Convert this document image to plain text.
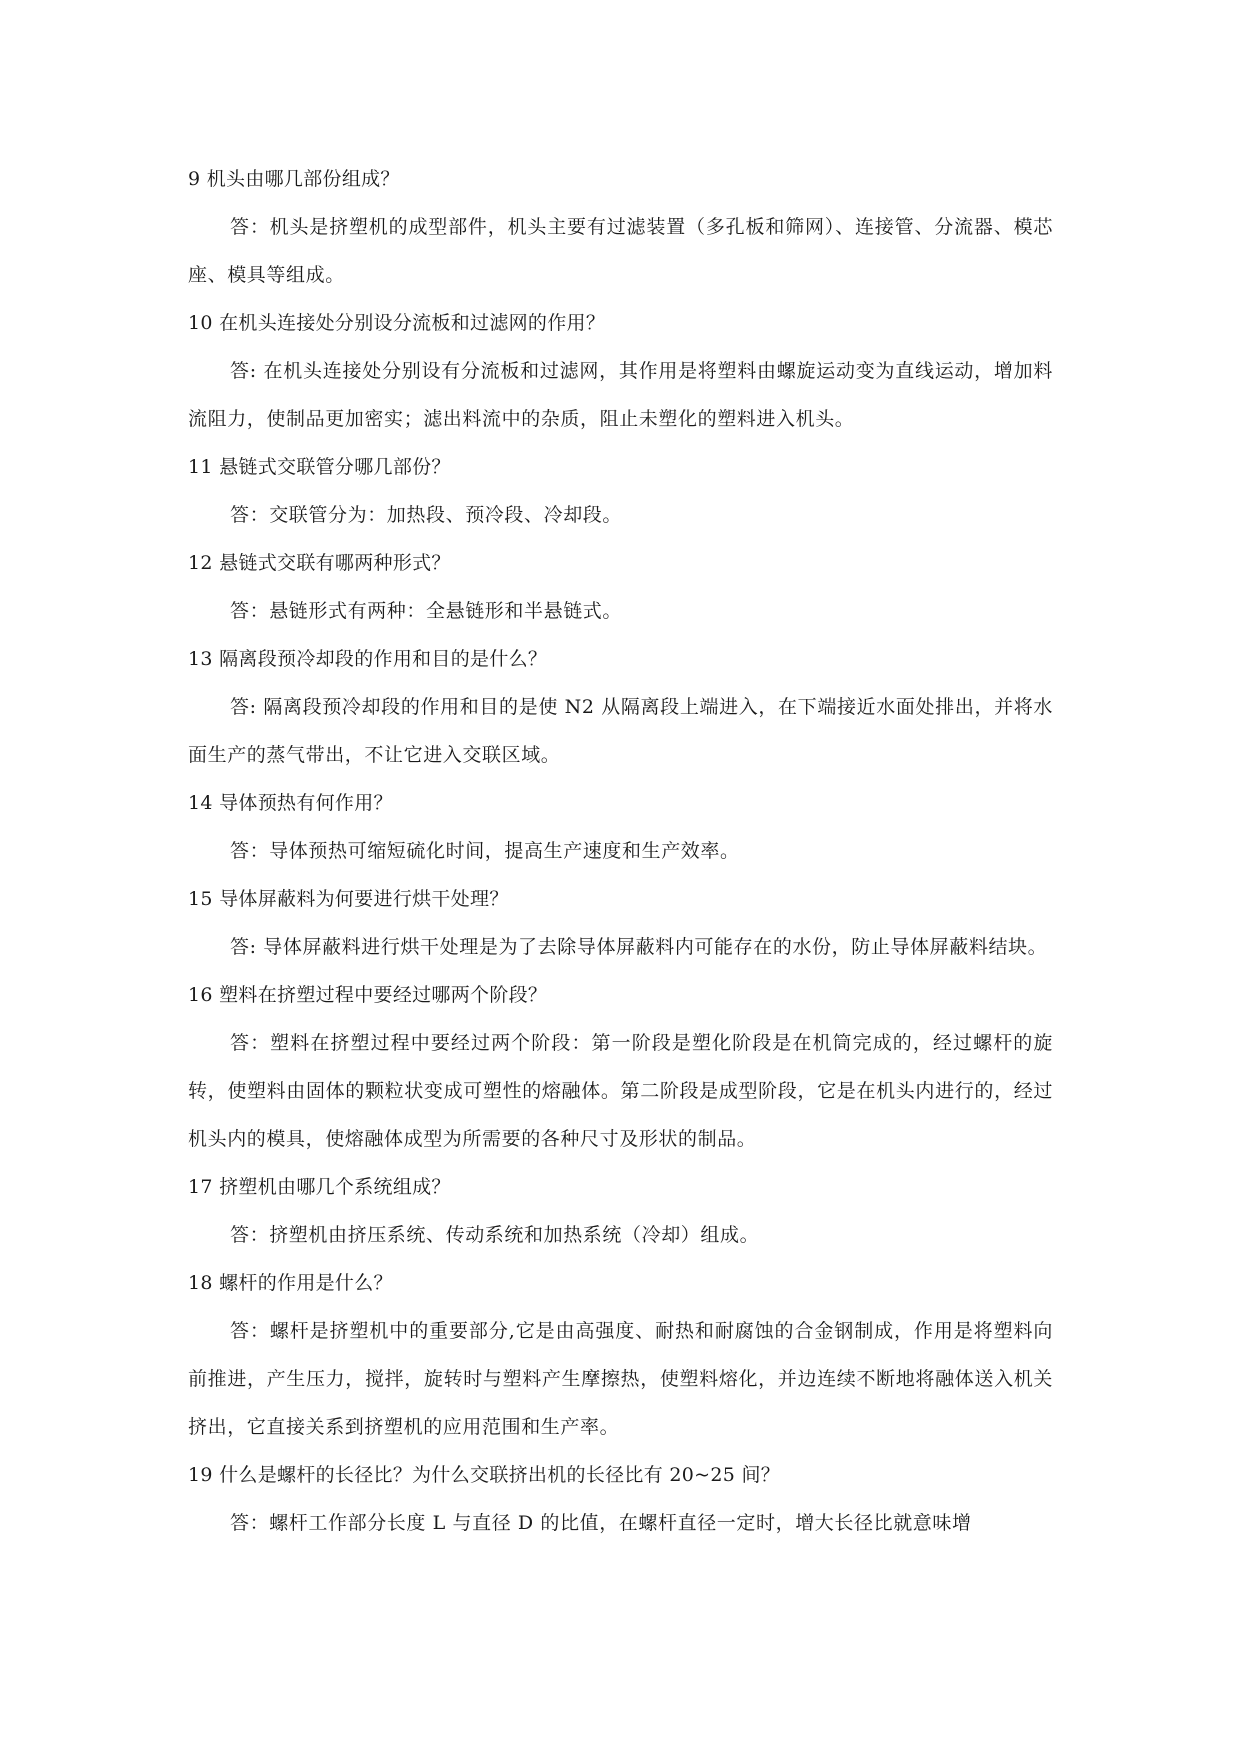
9 机头由哪几部份组成？

答：机头是挤塑机的成型部件，机头主要有过滤装置（多孔板和筛网）、连接管、分流器、模芯座、模具等组成。

10 在机头连接处分别设分流板和过滤网的作用？

答: 在机头连接处分别设有分流板和过滤网，其作用是将塑料由螺旋运动变为直线运动，增加料流阻力，使制品更加密实；滤出料流中的杂质，阻止未塑化的塑料进入机头。

11 悬链式交联管分哪几部份？

答：交联管分为：加热段、预冷段、冷却段。

12 悬链式交联有哪两种形式？

答：悬链形式有两种：全悬链形和半悬链式。

13 隔离段预冷却段的作用和目的是什么？

答: 隔离段预冷却段的作用和目的是使 N2 从隔离段上端进入，在下端接近水面处排出，并将水面生产的蒸气带出，不让它进入交联区域。

14 导体预热有何作用？

答：导体预热可缩短硫化时间，提高生产速度和生产效率。

15 导体屏蔽料为何要进行烘干处理？

答: 导体屏蔽料进行烘干处理是为了去除导体屏蔽料内可能存在的水份，防止导体屏蔽料结块。

16 塑料在挤塑过程中要经过哪两个阶段？

答：塑料在挤塑过程中要经过两个阶段：第一阶段是塑化阶段是在机筒完成的，经过螺杆的旋转，使塑料由固体的颗粒状变成可塑性的熔融体。第二阶段是成型阶段，它是在机头内进行的，经过机头内的模具，使熔融体成型为所需要的各种尺寸及形状的制品。

17 挤塑机由哪几个系统组成？

答：挤塑机由挤压系统、传动系统和加热系统（冷却）组成。

18 螺杆的作用是什么？

答：螺杆是挤塑机中的重要部分,它是由高强度、耐热和耐腐蚀的合金钢制成，作用是将塑料向前推进，产生压力，搅拌，旋转时与塑料产生摩擦热，使塑料熔化，并边连续不断地将融体送入机关挤出，它直接关系到挤塑机的应用范围和生产率。

19 什么是螺杆的长径比？为什么交联挤出机的长径比有 20~25 间？

答：螺杆工作部分长度 L 与直径 D 的比值，在螺杆直径一定时，增大长径比就意味增
